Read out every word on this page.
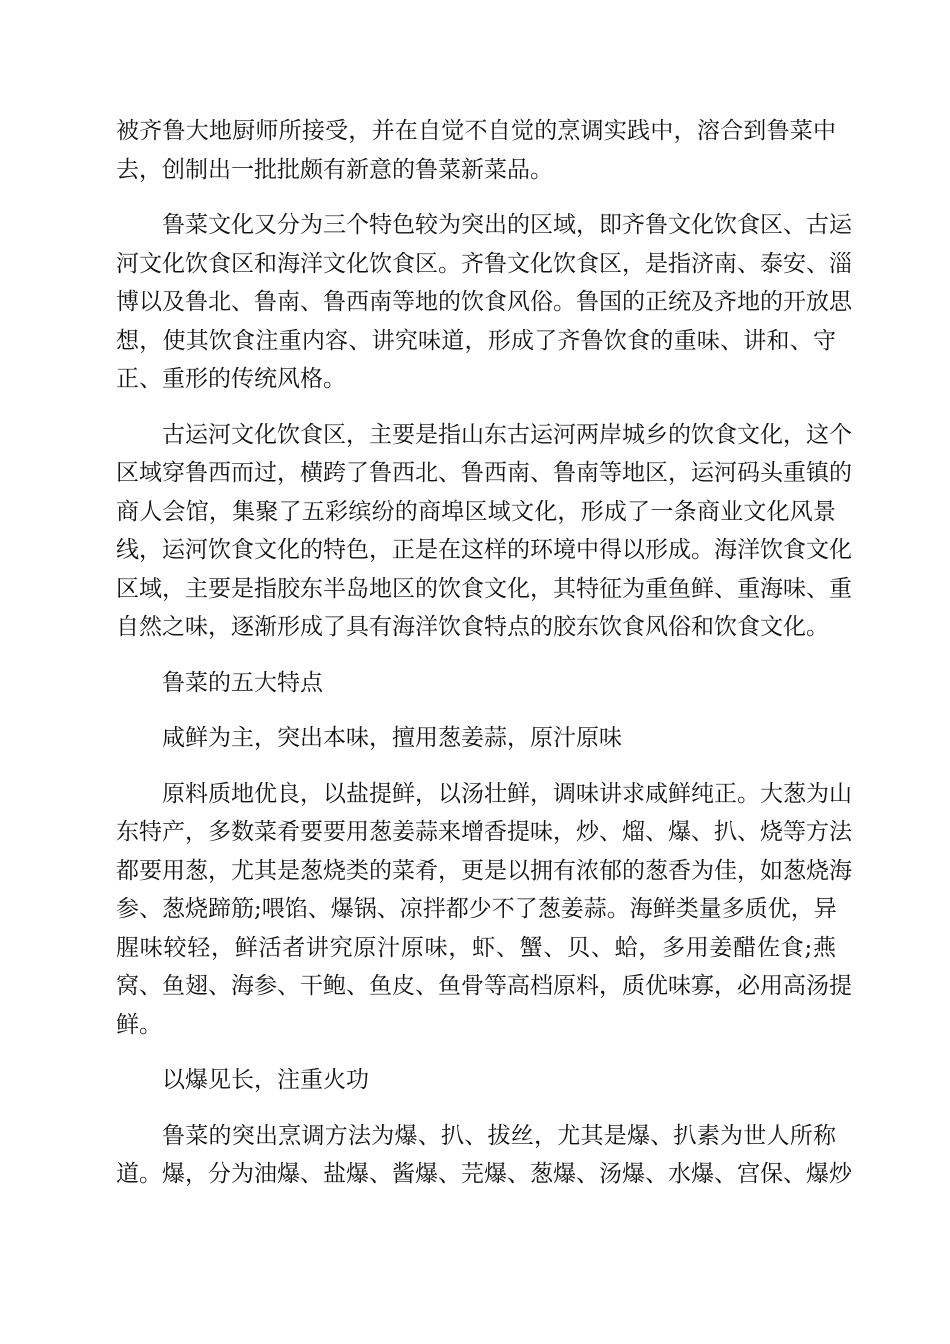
被齐鲁大地厨师所接受，并在自觉不自觉的烹调实践中，溶合到鲁菜中
去，创制出一批批颇有新意的鲁菜新菜品。
鲁菜文化又分为三个特色较为突出的区域，即齐鲁文化饮食区、古运
河文化饮食区和海洋文化饮食区。齐鲁文化饮食区，是指济南、泰安、淄
博以及鲁北、鲁南、鲁西南等地的饮食风俗。鲁国的正统及齐地的开放思
想，使其饮食注重内容、讲究味道，形成了齐鲁饮食的重味、讲和、守
正、重形的传统风格。
古运河文化饮食区，主要是指山东古运河两岸城乡的饮食文化，这个
区域穿鲁西而过，横跨了鲁西北、鲁西南、鲁南等地区，运河码头重镇的
商人会馆，集聚了五彩缤纷的商埠区域文化，形成了一条商业文化风景
线，运河饮食文化的特色，正是在这样的环境中得以形成。海洋饮食文化
区域，主要是指胶东半岛地区的饮食文化，其特征为重鱼鲜、重海味、重
自然之味，逐渐形成了具有海洋饮食特点的胶东饮食风俗和饮食文化。
鲁菜的五大特点
咸鲜为主，突出本味，擅用葱姜蒜，原汁原味
原料质地优良，以盐提鲜，以汤壮鲜，调味讲求咸鲜纯正。大葱为山
东特产，多数菜肴要要用葱姜蒜来增香提味，炒、熘、爆、扒、烧等方法
都要用葱，尤其是葱烧类的菜肴，更是以拥有浓郁的葱香为佳，如葱烧海
参、葱烧蹄筋;喂馅、爆锅、凉拌都少不了葱姜蒜。海鲜类量多质优，异
腥味较轻，鲜活者讲究原汁原味，虾、蟹、贝、蛤，多用姜醋佐食;燕
窝、鱼翅、海参、干鲍、鱼皮、鱼骨等高档原料，质优味寡，必用高汤提
鲜。
以爆见长，注重火功
鲁菜的突出烹调方法为爆、扒、拔丝，尤其是爆、扒素为世人所称
道。爆，分为油爆、盐爆、酱爆、芫爆、葱爆、汤爆、水爆、宫保、爆炒
